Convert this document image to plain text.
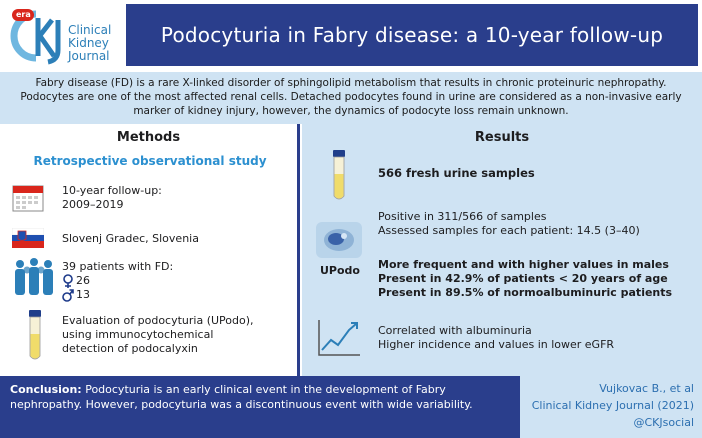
era
Clinical
Kidney
Journal
Podocyturia in Fabry disease: a 10-year follow-up
Fabry disease (FD) is a rare X-linked disorder of sphingolipid metabolism that results in chronic proteinuric nephropathy. Podocytes are one of the most affected renal cells. Detached podocytes found in urine are considered as a non-invasive early marker of kidney injury, however, the dynamics of podocyte loss remain unknown.
Methods
Retrospective observational study
10-year follow-up:
2009–2019
Slovenj Gradec, Slovenia
39 patients with FD:
26
13
Evaluation of podocyturia (UPodo),
using immunocytochemical
detection of podocalyxin
Results
566 fresh urine samples
UPodo
Positive in 311/566 of samples
Assessed samples for each patient: 14.5 (3–40)
More frequent and with higher values in males
Present in 42.9% of patients < 20 years of age
Present in 89.5% of normoalbuminuric patients
Correlated with albuminuria
Higher incidence and values in lower eGFR
Conclusion: Podocyturia is an early clinical event in the development of Fabry nephropathy. However, podocyturia was a discontinuous event with wide variability.
Vujkovac B., et al
Clinical Kidney Journal (2021)
@CKJsocial
